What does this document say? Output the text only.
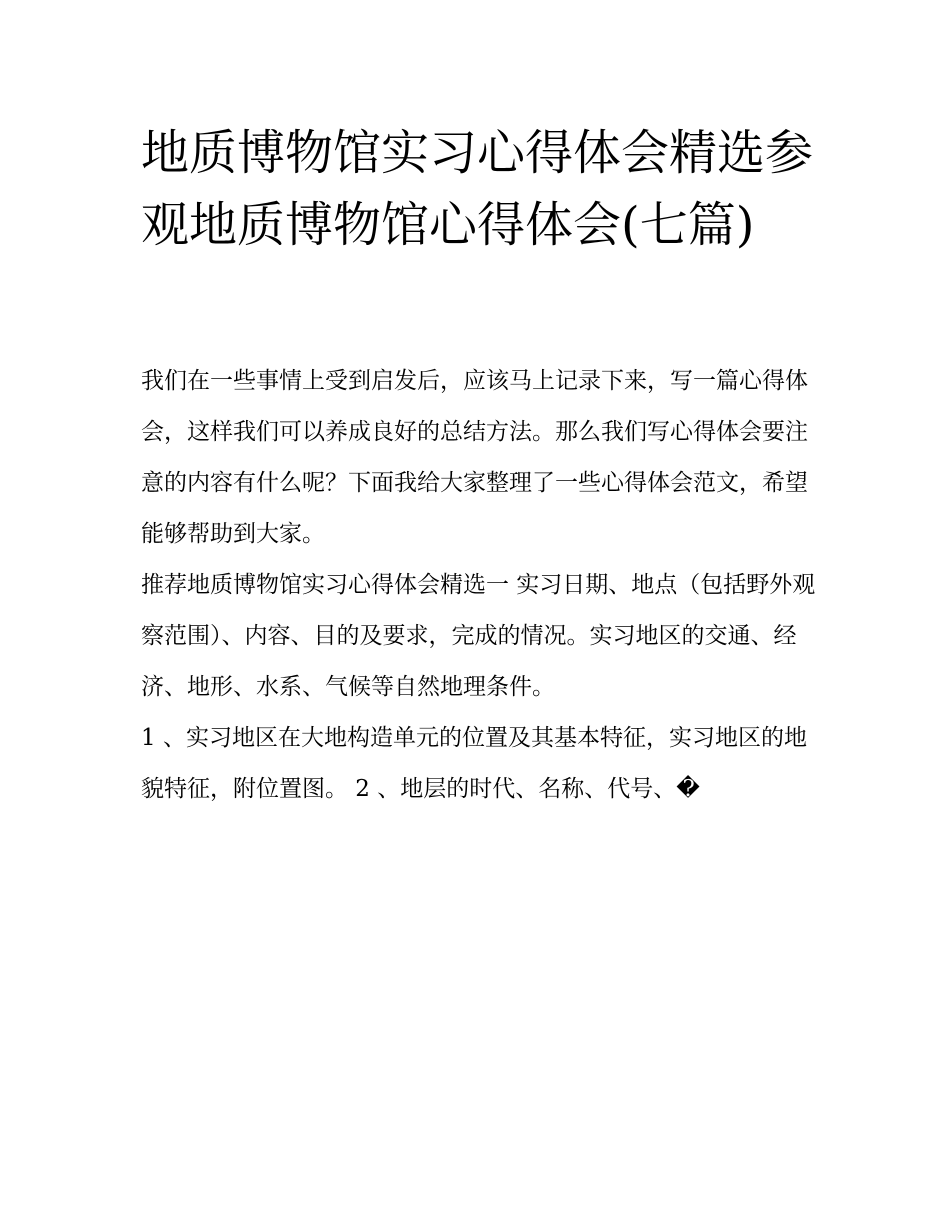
地质博物馆实习心得体会精选参观地质博物馆心得体会(七篇)

我们在一些事情上受到启发后，应该马上记录下来，写一篇心得体会，这样我们可以养成良好的总结方法。那么我们写心得体会要注意的内容有什么呢？下面我给大家整理了一些心得体会范文，希望能够帮助到大家。

推荐地质博物馆实习心得体会精选一 实习日期、地点（包括野外观察范围）、内容、目的及要求，完成的情况。实习地区的交通、经济、地形、水系、气候等自然地理条件。

1 、实习地区在大地构造单元的位置及其基本特征，实习地区的地貌特征，附位置图。 2 、地层的时代、名称、代号、�
